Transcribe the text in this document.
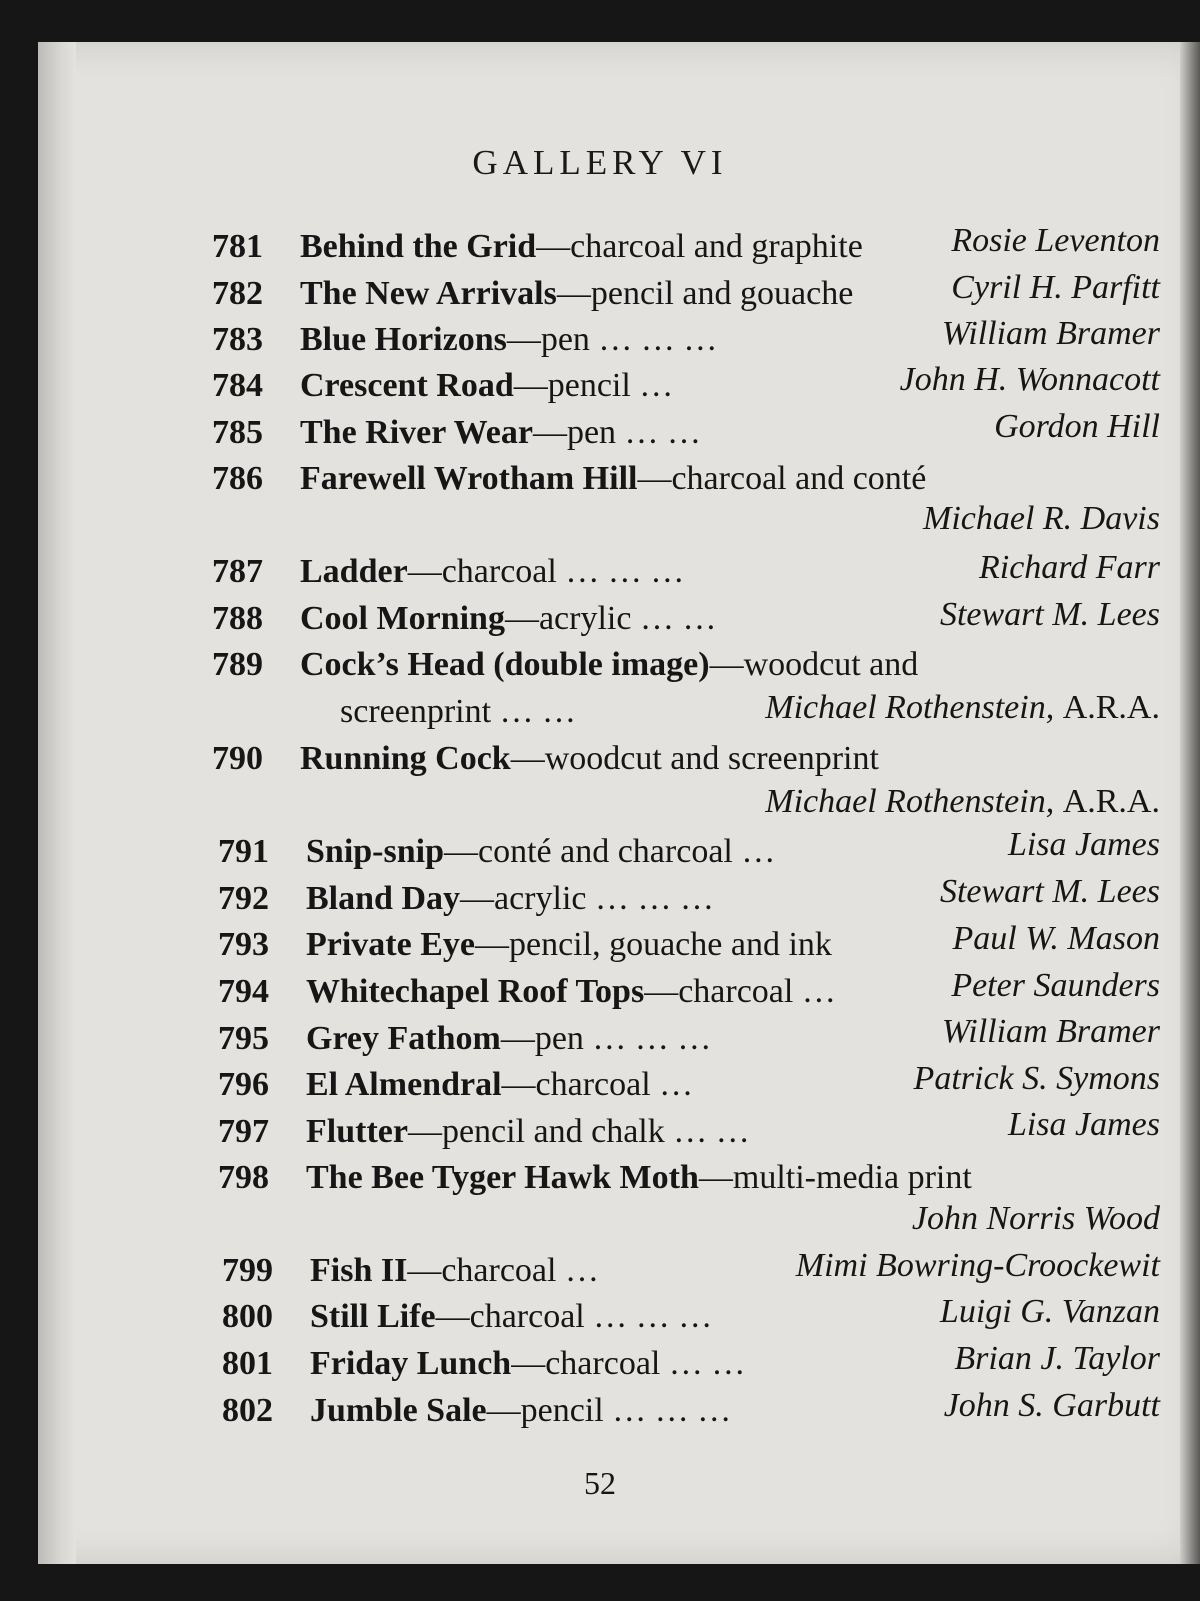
GALLERY VI
781 Behind the Grid—charcoal and graphite	Rosie Leventon
782 The New Arrivals—pencil and gouache	Cyril H. Parfitt
783 Blue Horizons—pen … … …	William Bramer
784 Crescent Road—pencil …	John H. Wonnacott
785 The River Wear—pen … …	Gordon Hill
786 Farewell Wrotham Hill—charcoal and conté
Michael R. Davis
787 Ladder—charcoal … … …	Richard Farr
788 Cool Morning—acrylic … …	Stewart M. Lees
789 Cock’s Head (double image)—woodcut and
screenprint … …	Michael Rothenstein, A.R.A.
790 Running Cock—woodcut and screenprint
Michael Rothenstein, A.R.A.
791 Snip-snip—conté and charcoal …	Lisa James
792 Bland Day—acrylic … … …	Stewart M. Lees
793 Private Eye—pencil, gouache and ink	Paul W. Mason
794 Whitechapel Roof Tops—charcoal …	Peter Saunders
795 Grey Fathom—pen … … …	William Bramer
796 El Almendral—charcoal …	Patrick S. Symons
797 Flutter—pencil and chalk … …	Lisa James
798 The Bee Tyger Hawk Moth—multi-media print
John Norris Wood
799 Fish II—charcoal …	Mimi Bowring-Croockewit
800 Still Life—charcoal … … …	Luigi G. Vanzan
801 Friday Lunch—charcoal … …	Brian J. Taylor
802 Jumble Sale—pencil … … …	John S. Garbutt
52
